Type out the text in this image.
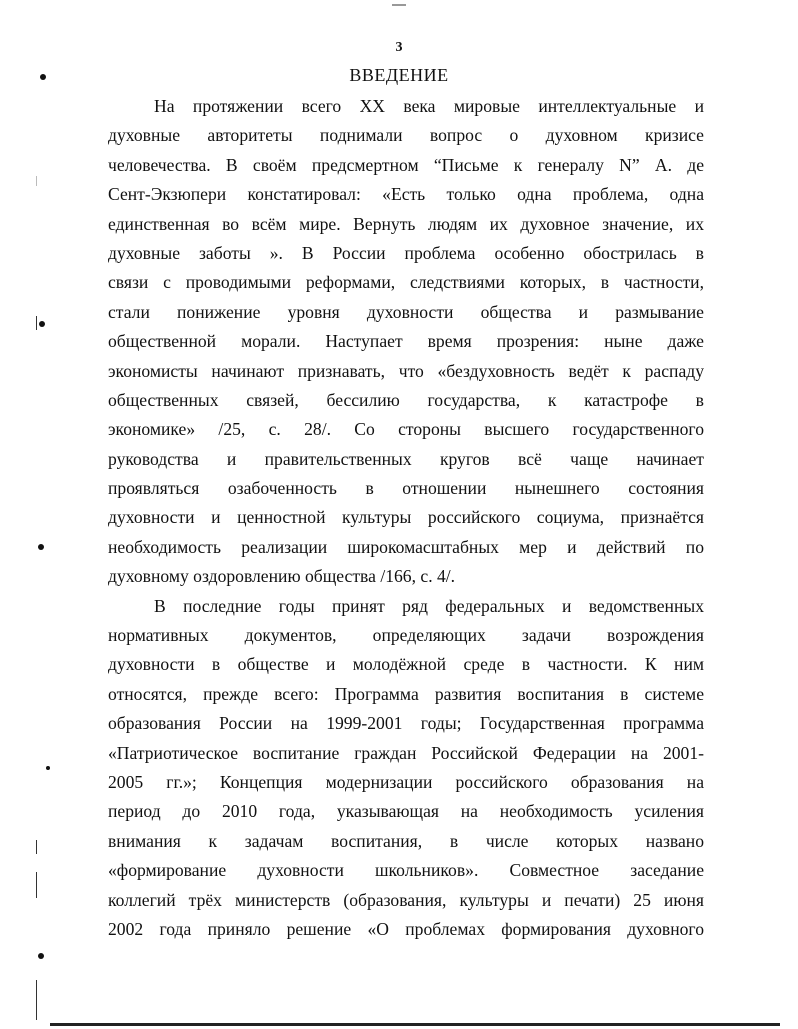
3
ВВЕДЕНИЕ
На протяжении всего ХХ века мировые интеллектуальные и
духовные авторитеты поднимали вопрос о духовном кризисе
человечества. В своём предсмертном “Письме к генералу N” А. де
Сент-Экзюпери констатировал: «Есть только одна проблема, одна
единственная во всём мире. Вернуть людям их духовное значение, их
духовные заботы ». В России проблема особенно обострилась в
связи с проводимыми реформами, следствиями которых, в частности,
стали понижение уровня духовности общества и размывание
общественной морали. Наступает время прозрения: ныне даже
экономисты начинают признавать, что «бездуховность ведёт к распаду
общественных связей, бессилию государства, к катастрофе в
экономике» /25, с. 28/. Со стороны высшего государственного
руководства и правительственных кругов всё чаще начинает
проявляться озабоченность в отношении нынешнего состояния
духовности и ценностной культуры российского социума, признаётся
необходимость реализации широкомасштабных мер и действий по
духовному оздоровлению общества /166, с. 4/.
В последние годы принят ряд федеральных и ведомственных
нормативных документов, определяющих задачи возрождения
духовности в обществе и молодёжной среде в частности. К ним
относятся, прежде всего: Программа развития воспитания в системе
образования России на 1999-2001 годы; Государственная программа
«Патриотическое воспитание граждан Российской Федерации на 2001-
2005 гг.»; Концепция модернизации российского образования на
период до 2010 года, указывающая на необходимость усиления
внимания к задачам воспитания, в числе которых названо
«формирование духовности школьников». Совместное заседание
коллегий трёх министерств (образования, культуры и печати) 25 июня
2002 года приняло решение «О проблемах формирования духовного
